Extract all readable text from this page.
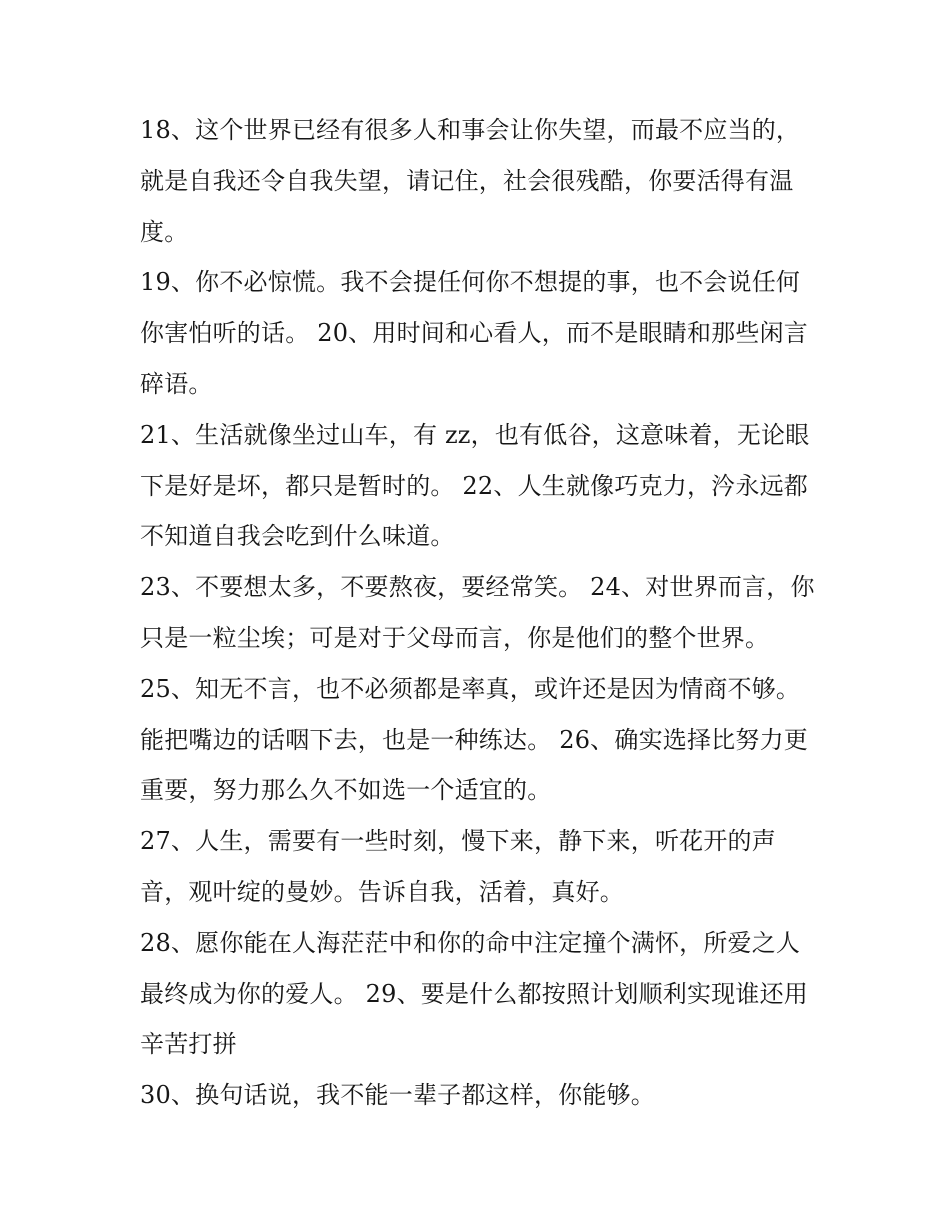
18、这个世界已经有很多人和事会让你失望，而最不应当的，就是自我还令自我失望，请记住，社会很残酷，你要活得有温度。

19、你不必惊慌。我不会提任何你不想提的事，也不会说任何你害怕听的话。 20、用时间和心看人，而不是眼睛和那些闲言碎语。

21、生活就像坐过山车，有 zz，也有低谷，这意味着，无论眼下是好是坏，都只是暂时的。 22、人生就像巧克力，汵永远都不知道自我会吃到什么味道。

23、不要想太多，不要熬夜，要经常笑。 24、对世界而言，你只是一粒尘埃；可是对于父母而言，你是他们的整个世界。

25、知无不言，也不必须都是率真，或许还是因为情商不够。能把嘴边的话咽下去，也是一种练达。 26、确实选择比努力更重要，努力那么久不如选一个适宜的。

27、人生，需要有一些时刻，慢下来，静下来，听花开的声音，观叶绽的曼妙。告诉自我，活着，真好。

28、愿你能在人海茫茫中和你的命中注定撞个满怀，所爱之人最终成为你的爱人。 29、要是什么都按照计划顺利实现谁还用辛苦打拼

30、换句话说，我不能一辈子都这样，你能够。
